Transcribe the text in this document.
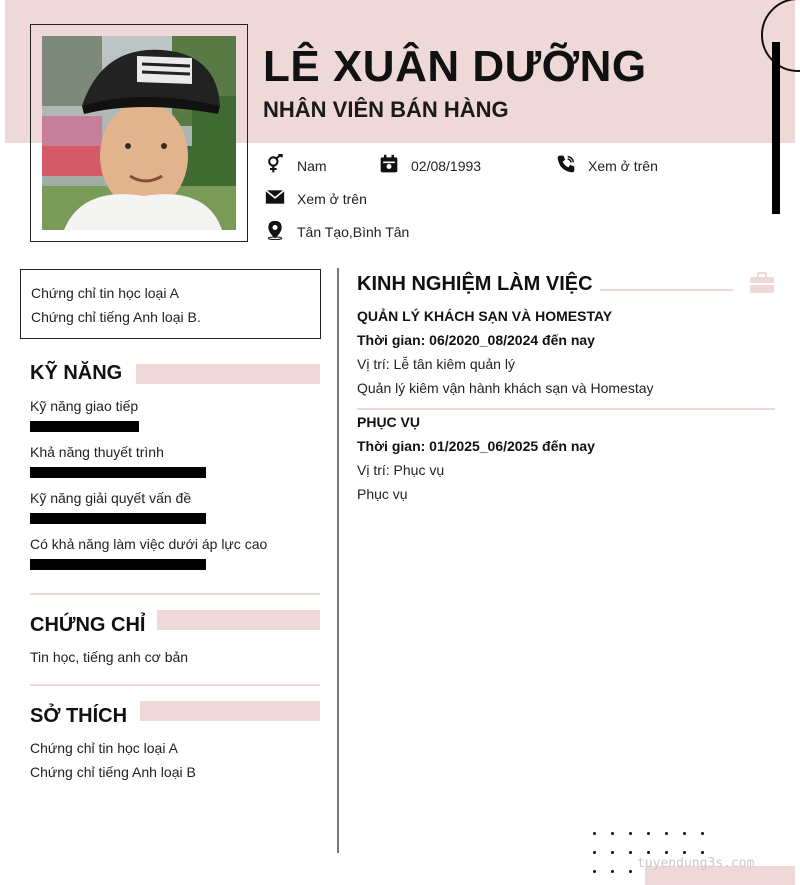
LÊ XUÂN DƯỠNG
NHÂN VIÊN BÁN HÀNG
Nam	02/08/1993	Xem ở trên
Xem ở trên
Tân Tạo,Bình Tân
Chứng chỉ tin học loại A
Chứng chỉ tiếng Anh loại B.
KỸ NĂNG
Kỹ năng giao tiếp
Khả năng thuyết trình
Kỹ năng giải quyết vấn đề
Có khả năng làm việc dưới áp lực cao
CHỨNG CHỈ
Tin học, tiếng anh cơ bản
SỞ THÍCH
Chứng chỉ tin học loại A
Chứng chỉ tiếng Anh loại B
KINH NGHIỆM LÀM VIỆC
QUẢN LÝ KHÁCH SẠN VÀ HOMESTAY
Thời gian: 06/2020_08/2024 đến nay
Vị trí: Lễ tân kiêm quản lý
Quản lý kiêm vận hành khách sạn và Homestay
PHỤC VỤ
Thời gian: 01/2025_06/2025 đến nay
Vị trí: Phục vụ
Phục vụ
tuyendung3s.com
